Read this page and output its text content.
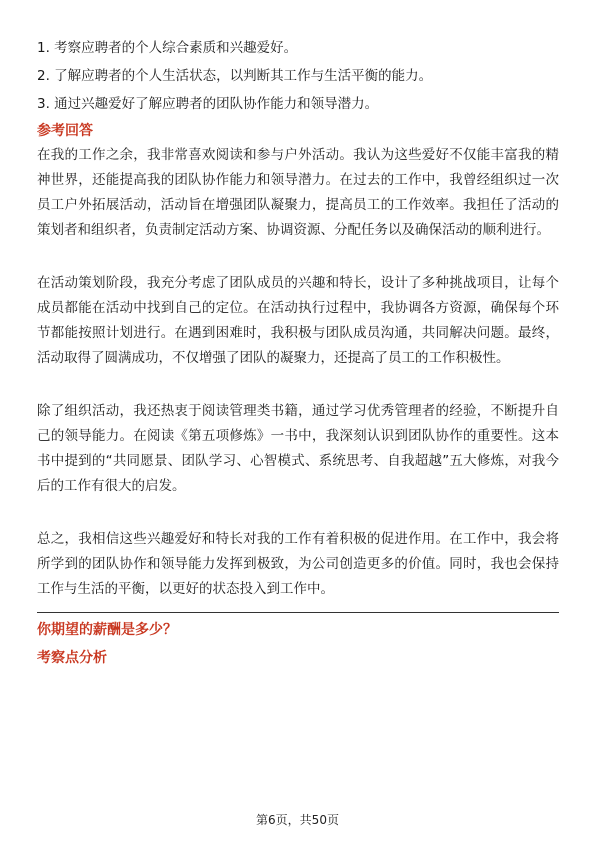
1. 考察应聘者的个人综合素质和兴趣爱好。

2. 了解应聘者的个人生活状态，以判断其工作与生活平衡的能力。

3. 通过兴趣爱好了解应聘者的团队协作能力和领导潜力。

参考回答

在我的工作之余，我非常喜欢阅读和参与户外活动。我认为这些爱好不仅能丰富我的精神世界，还能提高我的团队协作能力和领导潜力。在过去的工作中，我曾经组织过一次员工户外拓展活动，活动旨在增强团队凝聚力，提高员工的工作效率。我担任了活动的策划者和组织者，负责制定活动方案、协调资源、分配任务以及确保活动的顺利进行。

在活动策划阶段，我充分考虑了团队成员的兴趣和特长，设计了多种挑战项目，让每个成员都能在活动中找到自己的定位。在活动执行过程中，我协调各方资源，确保每个环节都能按照计划进行。在遇到困难时，我积极与团队成员沟通，共同解决问题。最终，活动取得了圆满成功，不仅增强了团队的凝聚力，还提高了员工的工作积极性。

除了组织活动，我还热衷于阅读管理类书籍，通过学习优秀管理者的经验，不断提升自己的领导能力。在阅读《第五项修炼》一书中，我深刻认识到团队协作的重要性。这本书中提到的“共同愿景、团队学习、心智模式、系统思考、自我超越”五大修炼，对我今后的工作有很大的启发。

总之，我相信这些兴趣爱好和特长对我的工作有着积极的促进作用。在工作中，我会将所学到的团队协作和领导能力发挥到极致，为公司创造更多的价值。同时，我也会保持工作与生活的平衡，以更好的状态投入到工作中。

你期望的薪酬是多少？
考察点分析
第6页，共50页
